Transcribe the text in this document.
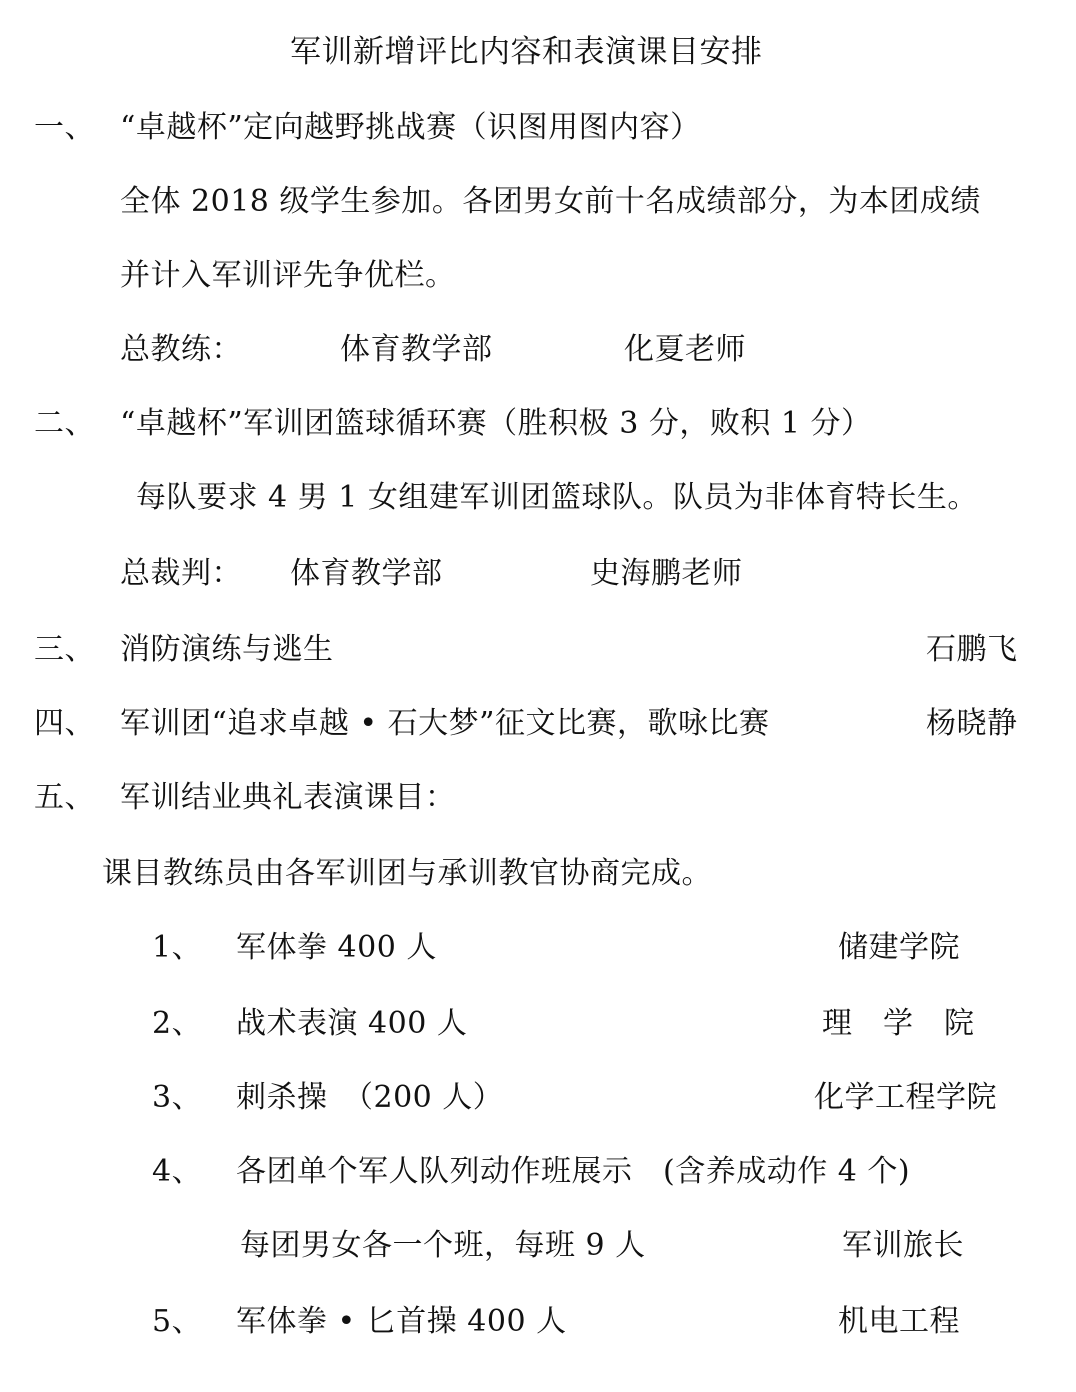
军训新增评比内容和表演课目安排
一、 “卓越杯”定向越野挑战赛（识图用图内容）
全体 2018 级学生参加。各团男女前十名成绩部分，为本团成绩
并计入军训评先争优栏。
总教练：	体育教学部	化夏老师
二、 “卓越杯”军训团篮球循环赛（胜积极 3 分，败积 1 分）
每队要求 4 男 1 女组建军训团篮球队。队员为非体育特长生。
总裁判： 体育教学部	史海鹏老师
三、 消防演练与逃生	石鹏飞
四、 军训团“追求卓越 • 石大梦”征文比赛，歌咏比赛	杨晓静
五、 军训结业典礼表演课目：
课目教练员由各军训团与承训教官协商完成。
1、 军体拳 400 人	储建学院
2、 战术表演 400 人	理　学　院
3、 刺杀操　（200 人）	化学工程学院
4、 各团单个军人队列动作班展示　(含养成动作 4 个)
每团男女各一个班，每班 9 人	军训旅长
5、 军体拳 • 匕首操 400 人	机电工程
